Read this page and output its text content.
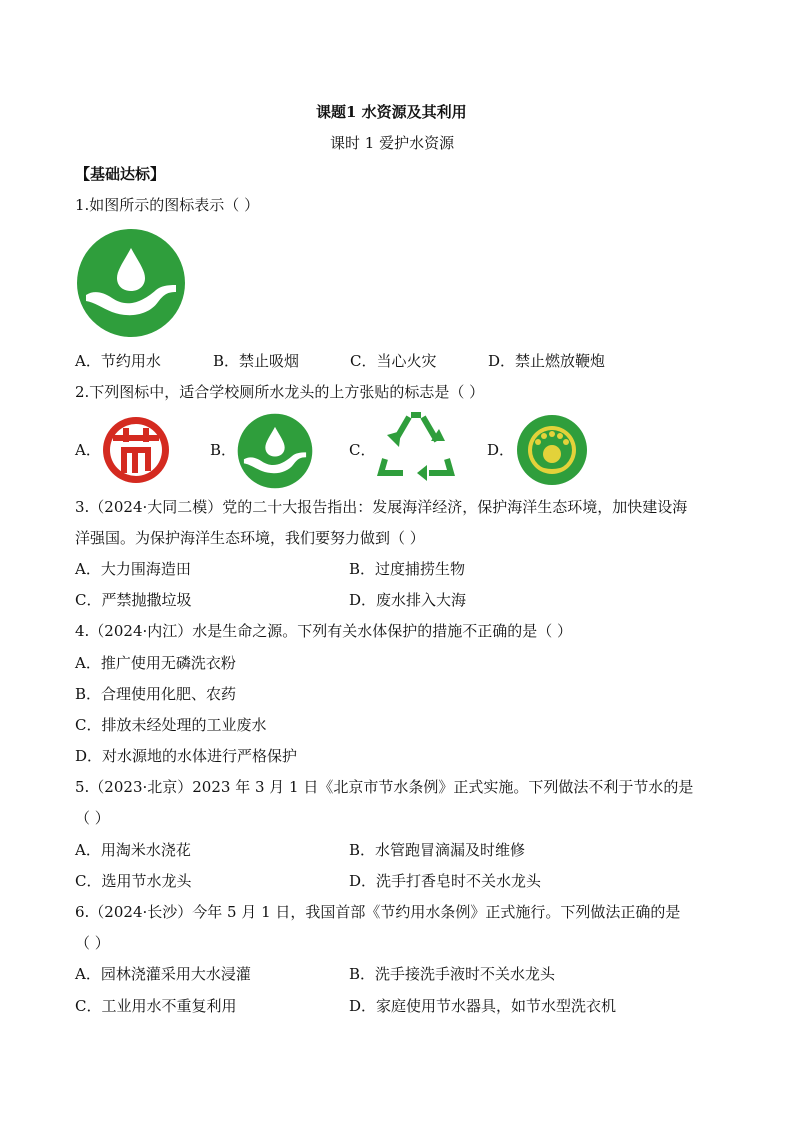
课题1 水资源及其利用
课时 1 爱护水资源
【基础达标】
1.如图所示的图标表示（ ）
A．节约用水	B．禁止吸烟	C．当心火灾	D．禁止燃放鞭炮
2.下列图标中，适合学校厕所水龙头的上方张贴的标志是（ ）
A．	B．	C．	D．
3.（2024·大同二模）党的二十大报告指出：发展海洋经济，保护海洋生态环境，加快建设海
洋强国。为保护海洋生态环境，我们要努力做到（ ）
A．大力围海造田	B．过度捕捞生物
C．严禁抛撒垃圾	D．废水排入大海
4.（2024·内江）水是生命之源。下列有关水体保护的措施不正确的是（ ）
A．推广使用无磷洗衣粉
B．合理使用化肥、农药
C．排放未经处理的工业废水
D．对水源地的水体进行严格保护
5.（2023·北京）2023 年 3 月 1 日《北京市节水条例》正式实施。下列做法不利于节水的是
（ ）
A．用淘米水浇花	B．水管跑冒滴漏及时维修
C．选用节水龙头	D．洗手打香皂时不关水龙头
6.（2024·长沙）今年 5 月 1 日，我国首部《节约用水条例》正式施行。下列做法正确的是
（ ）
A．园林浇灌采用大水浸灌	B．洗手接洗手液时不关水龙头
C．工业用水不重复利用	D．家庭使用节水器具，如节水型洗衣机
